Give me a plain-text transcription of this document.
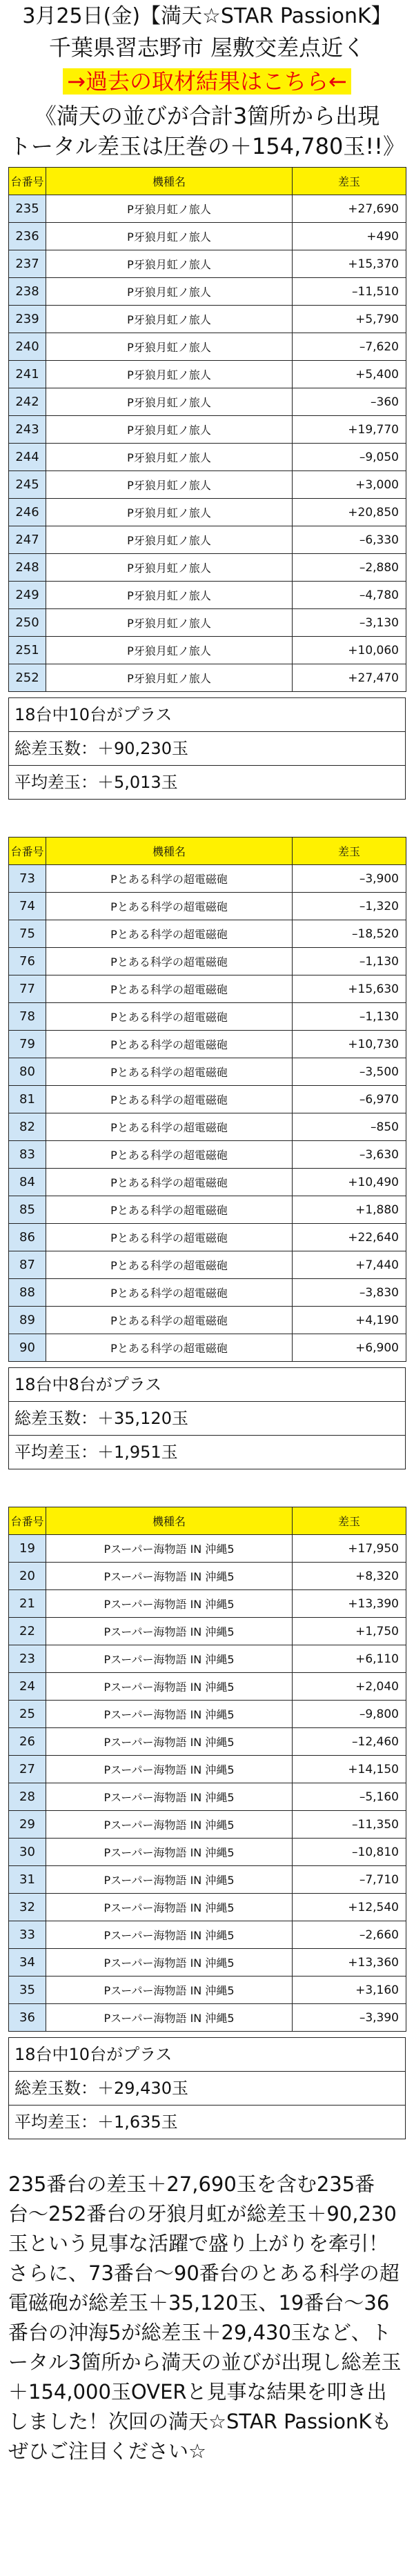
3月25日(金)【満天☆STAR PassionK】
千葉県習志野市 屋敷交差点近く
→過去の取材結果はこちら←
《満天の並びが合計3箇所から出現
トータル差玉は圧巻の＋154,780玉!!》
台番号	機種名	差玉
235	P牙狼月虹ノ旅人	+27,690
236	P牙狼月虹ノ旅人	+490
237	P牙狼月虹ノ旅人	+15,370
238	P牙狼月虹ノ旅人	–11,510
239	P牙狼月虹ノ旅人	+5,790
240	P牙狼月虹ノ旅人	–7,620
241	P牙狼月虹ノ旅人	+5,400
242	P牙狼月虹ノ旅人	–360
243	P牙狼月虹ノ旅人	+19,770
244	P牙狼月虹ノ旅人	–9,050
245	P牙狼月虹ノ旅人	+3,000
246	P牙狼月虹ノ旅人	+20,850
247	P牙狼月虹ノ旅人	–6,330
248	P牙狼月虹ノ旅人	–2,880
249	P牙狼月虹ノ旅人	–4,780
250	P牙狼月虹ノ旅人	–3,130
251	P牙狼月虹ノ旅人	+10,060
252	P牙狼月虹ノ旅人	+27,470
18台中10台がプラス
総差玉数：＋90,230玉
平均差玉：＋5,013玉
台番号	機種名	差玉
73	Pとある科学の超電磁砲	–3,900
74	Pとある科学の超電磁砲	–1,320
75	Pとある科学の超電磁砲	–18,520
76	Pとある科学の超電磁砲	–1,130
77	Pとある科学の超電磁砲	+15,630
78	Pとある科学の超電磁砲	–1,130
79	Pとある科学の超電磁砲	+10,730
80	Pとある科学の超電磁砲	–3,500
81	Pとある科学の超電磁砲	–6,970
82	Pとある科学の超電磁砲	–850
83	Pとある科学の超電磁砲	–3,630
84	Pとある科学の超電磁砲	+10,490
85	Pとある科学の超電磁砲	+1,880
86	Pとある科学の超電磁砲	+22,640
87	Pとある科学の超電磁砲	+7,440
88	Pとある科学の超電磁砲	–3,830
89	Pとある科学の超電磁砲	+4,190
90	Pとある科学の超電磁砲	+6,900
18台中8台がプラス
総差玉数：＋35,120玉
平均差玉：＋1,951玉
台番号	機種名	差玉
19	Pスーパー海物語 IN 沖縄5	+17,950
20	Pスーパー海物語 IN 沖縄5	+8,320
21	Pスーパー海物語 IN 沖縄5	+13,390
22	Pスーパー海物語 IN 沖縄5	+1,750
23	Pスーパー海物語 IN 沖縄5	+6,110
24	Pスーパー海物語 IN 沖縄5	+2,040
25	Pスーパー海物語 IN 沖縄5	–9,800
26	Pスーパー海物語 IN 沖縄5	–12,460
27	Pスーパー海物語 IN 沖縄5	+14,150
28	Pスーパー海物語 IN 沖縄5	–5,160
29	Pスーパー海物語 IN 沖縄5	–11,350
30	Pスーパー海物語 IN 沖縄5	–10,810
31	Pスーパー海物語 IN 沖縄5	–7,710
32	Pスーパー海物語 IN 沖縄5	+12,540
33	Pスーパー海物語 IN 沖縄5	–2,660
34	Pスーパー海物語 IN 沖縄5	+13,360
35	Pスーパー海物語 IN 沖縄5	+3,160
36	Pスーパー海物語 IN 沖縄5	–3,390
18台中10台がプラス
総差玉数：＋29,430玉
平均差玉：＋1,635玉
235番台の差玉＋27,690玉を含む235番台〜252番台の牙狼月虹が総差玉＋90,230玉という見事な活躍で盛り上がりを牽引！さらに、73番台〜90番台のとある科学の超電磁砲が総差玉＋35,120玉、19番台〜36番台の沖海5が総差玉＋29,430玉など、トータル3箇所から満天の並びが出現し総差玉＋154,000玉OVERと見事な結果を叩き出しました！次回の満天☆STAR PassionKもぜひご注目ください☆
